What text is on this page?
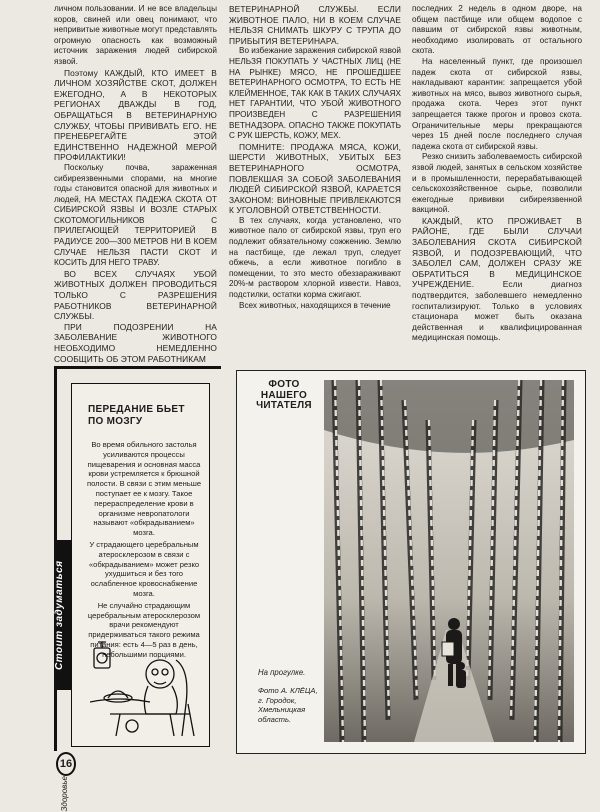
личном пользовании. И не все владельцы коров, свиней или овец понимают, что непривитые животные могут представлять огромную опасность как возможный источник заражения людей сибирской язвой.

Поэтому КАЖДЫЙ, КТО ИМЕЕТ В ЛИЧНОМ ХОЗЯЙСТВЕ СКОТ, ДОЛЖЕН ЕЖЕГОДНО, А В НЕКОТОРЫХ РЕГИОНАХ ДВАЖДЫ В ГОД, ОБРАЩАТЬСЯ В ВЕТЕРИНАРНУЮ СЛУЖБУ, ЧТОБЫ ПРИВИВАТЬ ЕГО. НЕ ПРЕНЕБРЕГАЙТЕ ЭТОЙ ЕДИНСТВЕННО НАДЕЖНОЙ МЕРОЙ ПРОФИЛАКТИКИ!

Поскольку почва, зараженная сибиреязвенными спорами, на многие годы становится опасной для животных и людей, НА МЕСТАХ ПАДЕЖА СКОТА ОТ СИБИРСКОЙ ЯЗВЫ И ВОЗЛЕ СТАРЫХ СКОТОМОГИЛЬНИКОВ С ПРИЛЕГАЮЩЕЙ ТЕРРИТОРИЕЙ В РАДИУСЕ 200—300 МЕТРОВ НИ В КОЕМ СЛУЧАЕ НЕЛЬЗЯ ПАСТИ СКОТ И КОСИТЬ ДЛЯ НЕГО ТРАВУ.

ВО ВСЕХ СЛУЧАЯХ УБОЙ ЖИВОТНЫХ ДОЛЖЕН ПРОВОДИТЬСЯ ТОЛЬКО С РАЗРЕШЕНИЯ РАБОТНИКОВ ВЕТЕРИНАРНОЙ СЛУЖБЫ.

ПРИ ПОДОЗРЕНИИ НА ЗАБОЛЕВАНИЕ ЖИВОТНОГО НЕОБХОДИМО НЕМЕДЛЕННО СООБЩИТЬ ОБ ЭТОМ РАБОТНИКАМ

ВЕТЕРИНАРНОЙ СЛУЖБЫ. ЕСЛИ ЖИВОТНОЕ ПАЛО, НИ В КОЕМ СЛУЧАЕ НЕЛЬЗЯ СНИМАТЬ ШКУРУ С ТРУПА ДО ПРИБЫТИЯ ВЕТЕРИНАРА.

Во избежание заражения сибирской язвой НЕЛЬЗЯ ПОКУПАТЬ У ЧАСТНЫХ ЛИЦ (НЕ НА РЫНКЕ) МЯСО, НЕ ПРОШЕДШЕЕ ВЕТЕРИНАРНОГО ОСМОТРА, ТО ЕСТЬ НЕ КЛЕЙМЕННОЕ, ТАК КАК В ТАКИХ СЛУЧАЯХ НЕТ ГАРАНТИИ, ЧТО УБОЙ ЖИВОТНОГО ПРОИЗВЕДЕН С РАЗРЕШЕНИЯ ВЕТНАДЗОРА. ОПАСНО ТАКЖЕ ПОКУПАТЬ С РУК ШЕРСТЬ, КОЖУ, МЕХ.

ПОМНИТЕ: ПРОДАЖА МЯСА, КОЖИ, ШЕРСТИ ЖИВОТНЫХ, УБИТЫХ БЕЗ ВЕТЕРИНАРНОГО ОСМОТРА, ПОВЛЕКШАЯ ЗА СОБОЙ ЗАБОЛЕВАНИЯ ЛЮДЕЙ СИБИРСКОЙ ЯЗВОЙ, КАРАЕТСЯ ЗАКОНОМ: ВИНОВНЫЕ ПРИВЛЕКАЮТСЯ К УГОЛОВНОЙ ОТВЕТСТВЕННОСТИ.

В тех случаях, когда установлено, что животное пало от сибирской язвы, труп его подлежит обязательному сожжению. Землю на пастбище, где лежал труп, следует обжечь, а если животное погибло в помещении, то это место обеззараживают 20%-м раствором хлорной извести. Навоз, подстилки, остатки корма сжигают.

Всех животных, находящихся в течение

последних 2 недель в одном дворе, на общем пастбище или общем водопое с павшим от сибирской язвы животным, необходимо изолировать от остального скота.

На населенный пункт, где произошел падеж скота от сибирской язвы, накладывают карантин: запрещается убой животных на мясо, вывоз животного сырья, продажа скота. Через этот пункт запрещается также прогон и провоз скота. Ограничительные меры прекращаются через 15 дней после последнего случая падежа скота от сибирской язвы.

Резко снизить заболеваемость сибирской язвой людей, занятых в сельском хозяйстве и в промышленности, перерабатывающей сельскохозяйственное сырье, позволили ежегодные прививки сибиреязвенной вакциной.

КАЖДЫЙ, КТО ПРОЖИВАЕТ В РАЙОНЕ, ГДЕ БЫЛИ СЛУЧАИ ЗАБОЛЕВАНИЯ СКОТА СИБИРСКОЙ ЯЗВОЙ, И ПОДОЗРЕВАЮЩИЙ, ЧТО ЗАБОЛЕЛ САМ, ДОЛЖЕН СРАЗУ ЖЕ ОБРАТИТЬСЯ В МЕДИЦИНСКОЕ УЧРЕЖДЕНИЕ. Если диагноз подтвердится, заболевшего немедленно госпитализируют. Только в условиях стационара может быть оказана действенная и квалифицированная медицинская помощь.

ПЕРЕДАНИЕ БЬЕТ ПО МОЗГУ

Во время обильного застолья усиливаются процессы пищеварения и основная масса крови устремляется к брюшной полости. В связи с этим меньше поступает ее к мозгу. Такое перераспределение крови в организме невропатологи называют «обкрадыванием» мозга.

У страдающего церебральным атеросклерозом в связи с «обкрадыванием» может резко ухудшиться и без того ослабленное кровоснабжение мозга.

Не случайно страдающим церебральным атеросклерозом врачи рекомендуют придерживаться такого режима питания: есть 4—5 раз в день, небольшими порциями.

Стоит задуматься
ФОТО НАШЕГО ЧИТАТЕЛЯ
На прогулке.
Фото А. КЛЁЦА, г. Городок, Хмельницкая область.
16
Здоровье
